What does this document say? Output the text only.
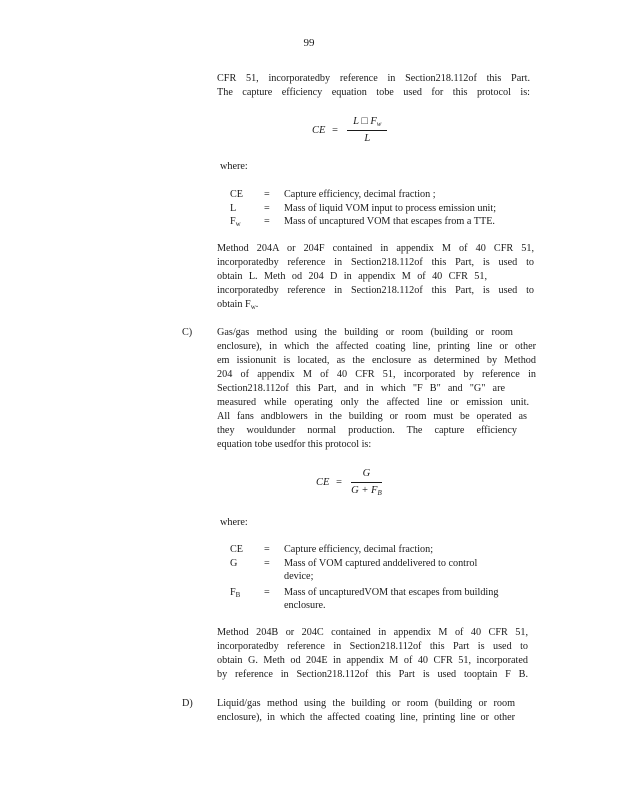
99
CFR 51, incorporatedby reference in Section218.112of this Part.
The capture efficiency equation tobe used for this protocol is:
CE = $\frac{L □ F_w}{L}$
where:
CE	=	Capture efficiency, decimal fraction ;
L	=	Mass of liquid VOM input to process emission unit;
$F_w$	=	Mass of uncaptured VOM that escapes from a TTE.
Method 204A or 204F contained in appendix M of 40 CFR 51,
incorporatedby reference in Section218.112of this Part, is used to
obtain L. Meth od 204 D in appendix M of 40 CFR 51,
incorporatedby reference in Section218.112of this Part, is used to
obtain $F_w$.
C) Gas/gas method using the building or room (building or room
enclosure), in which the affected coating line, printing line or other
em issionunit is located, as the enclosure as determined by Method
204 of appendix M of 40 CFR 51, incorporated by reference in
Section218.112of this Part, and in which "F B" and "G" are
measured while operating only the affected line or emission unit.
All fans andblowers in the building or room must be operated as
they wouldunder normal production. The capture efficiency
equation tobe usedfor this protocol is:
CE = $\frac{G}{G + F_B}$
where:
CE	=	Capture efficiency, decimal fraction;
G	=	Mass of VOM captured anddelivered to control
device;
$F_B$	=	Mass of uncapturedVOM that escapes from building
enclosure.
Method 204B or 204C contained in appendix M of 40 CFR 51,
incorporatedby reference in Section218.112of this Part is used to
obtain G. Meth od 204E in appendix M of 40 CFR 51, incorporated
by reference in Section218.112of this Part is used tooptain F B.
D) Liquid/gas method using the building or room (building or room
enclosure), in which the affected coating line, printing line or other
